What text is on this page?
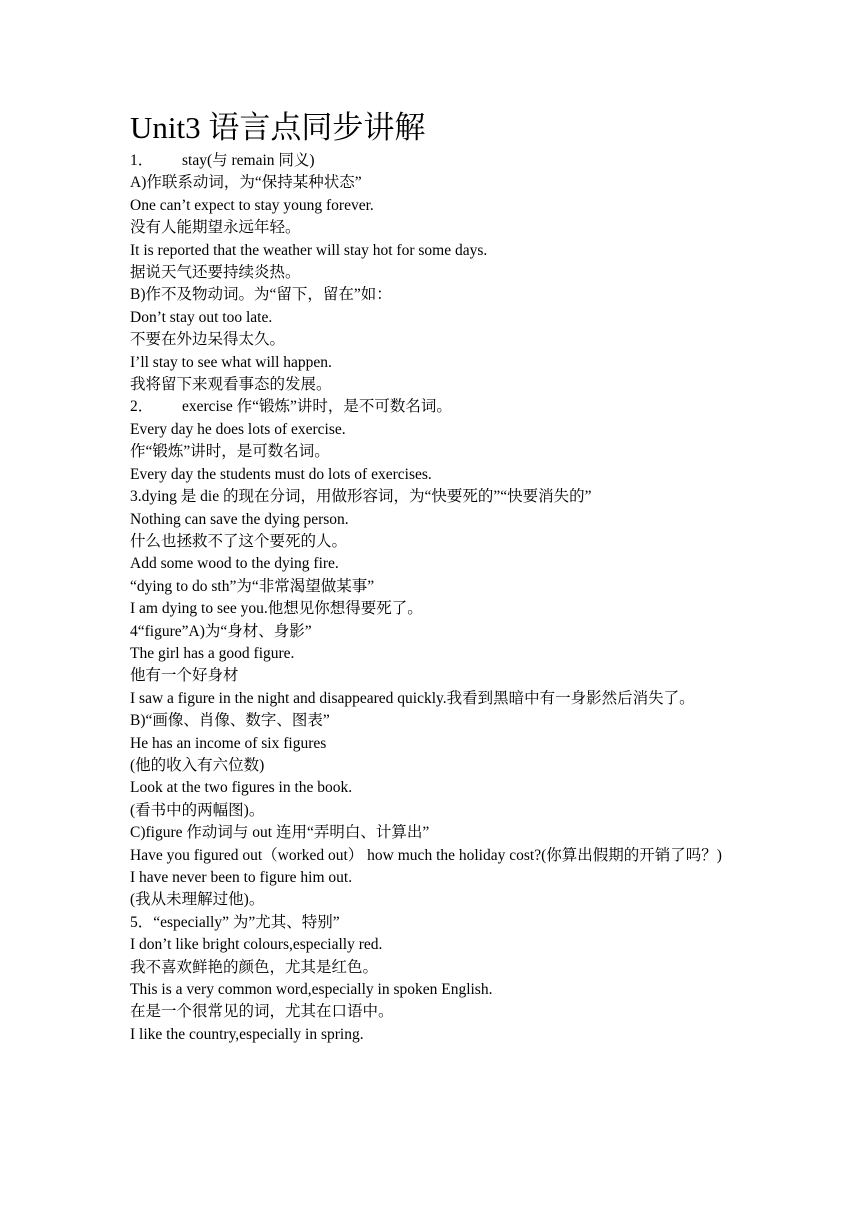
Unit3 语言点同步讲解
1． stay(与 remain 同义)
A)作联系动词，为“保持某种状态”
One can’t expect to stay young forever.
没有人能期望永远年轻。
It is reported that the weather will stay hot for some days.
据说天气还要持续炎热。
B)作不及物动词。为“留下，留在”如：
Don’t stay out too late.
不要在外边呆得太久。
I’ll stay to see what will happen.
我将留下来观看事态的发展。
2． exercise 作“锻炼”讲时，是不可数名词。
Every day he does lots of exercise.
作“锻炼”讲时，是可数名词。
Every day the students must do lots of exercises.
3.dying 是 die 的现在分词，用做形容词，为“快要死的”“快要消失的”
Nothing can save the dying person.
什么也拯救不了这个要死的人。
Add some wood to the dying fire.
“dying to do sth”为“非常渴望做某事”
I am dying to see you.他想见你想得要死了。
4“figure”A)为“身材、身影”
The girl has a good figure.
他有一个好身材
I saw a figure in the night and disappeared quickly.我看到黑暗中有一身影然后消失了。
B)“画像、肖像、数字、图表”
He has an income of six figures
(他的收入有六位数)
Look at the two figures in the book.
(看书中的两幅图)。
C)figure 作动词与 out 连用“弄明白、计算出”
Have you figured out（worked out） how much the holiday cost?(你算出假期的开销了吗？)
I have never been to figure him out.
(我从未理解过他)。
5．“especially” 为”尤其、特别”
I don’t like bright colours,especially red.
我不喜欢鲜艳的颜色，尤其是红色。
This is a very common word,especially in spoken English.
在是一个很常见的词，尤其在口语中。
I like the country,especially in spring.
